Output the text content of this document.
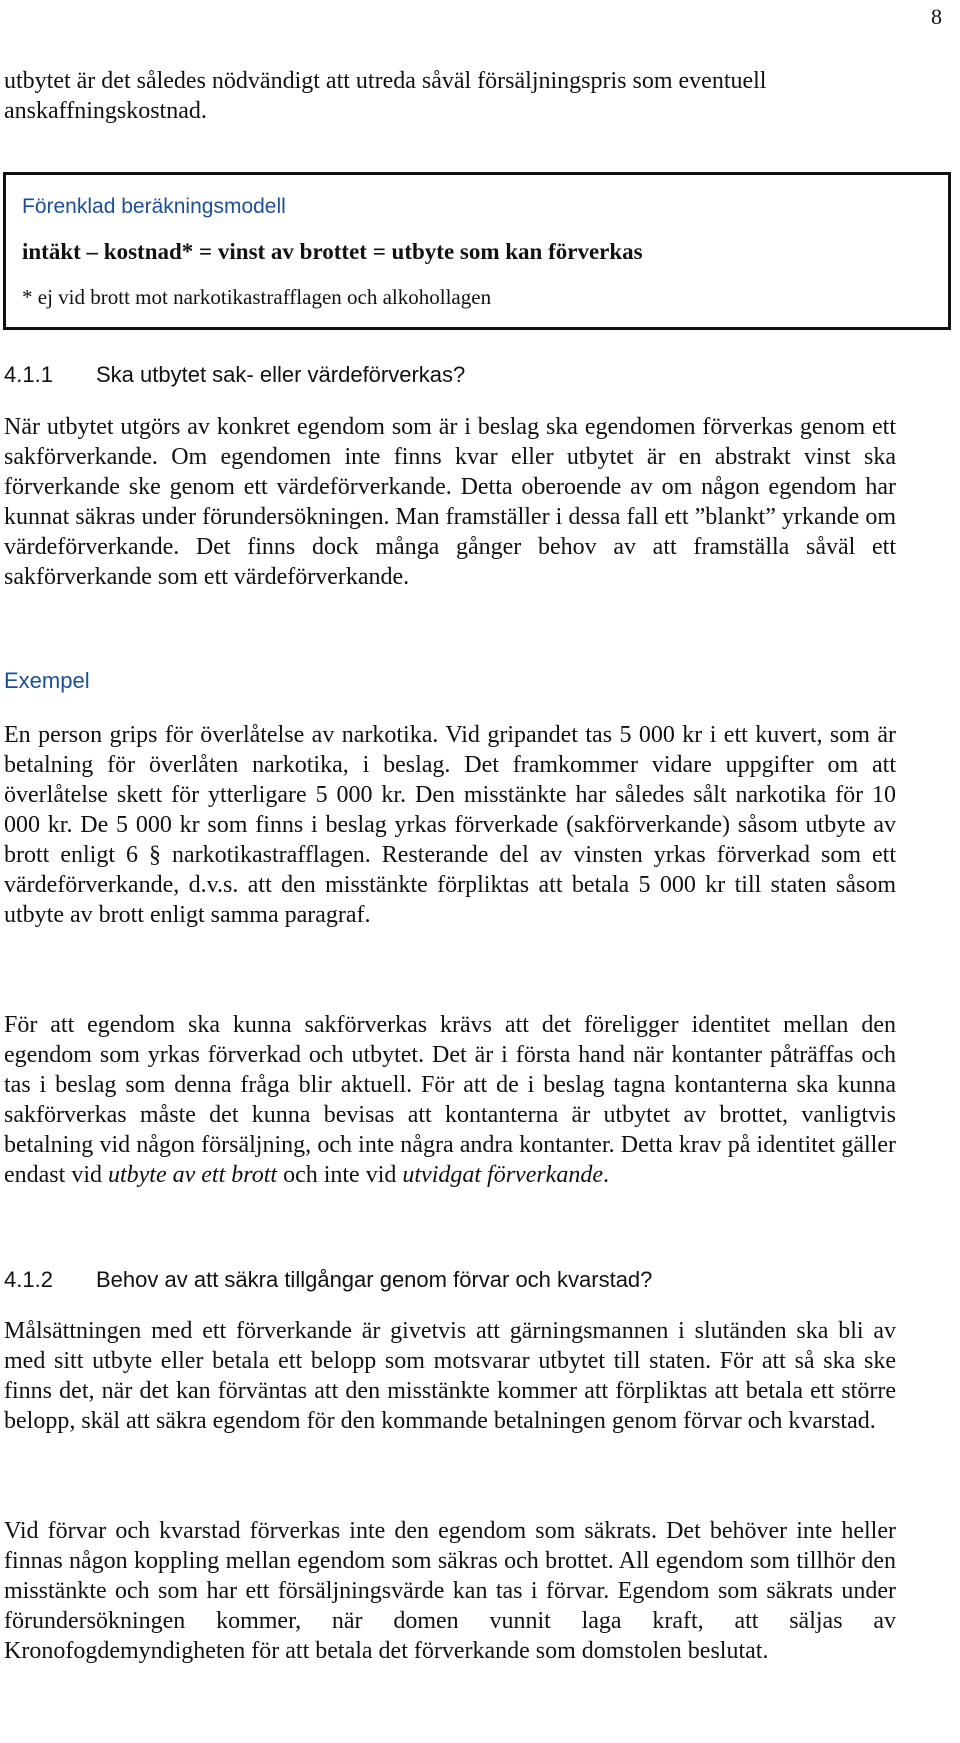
8

utbytet är det således nödvändigt att utreda såväl försäljningspris som eventuell anskaffningskostnad.

Förenklad beräkningsmodell
intäkt – kostnad* = vinst av brottet = utbyte som kan förverkas
* ej vid brott mot narkotikastrafflagen och alkohollagen
4.1.1 Ska utbytet sak- eller värdeförverkas?

När utbytet utgörs av konkret egendom som är i beslag ska egendomen förverkas genom ett sakförverkande. Om egendomen inte finns kvar eller utbytet är en abstrakt vinst ska förverkande ske genom ett värdeförverkande. Detta oberoende av om någon egendom har kunnat säkras under förundersökningen. Man framställer i dessa fall ett ”blankt” yrkande om värdeförverkande. Det finns dock många gånger behov av att framställa såväl ett sakförverkande som ett värdeförverkande.

Exempel

En person grips för överlåtelse av narkotika. Vid gripandet tas 5 000 kr i ett kuvert, som är betalning för överlåten narkotika, i beslag. Det framkommer vidare uppgifter om att överlåtelse skett för ytterligare 5 000 kr. Den misstänkte har således sålt narkotika för 10 000 kr. De 5 000 kr som finns i beslag yrkas förverkade (sakförverkande) såsom utbyte av brott enligt 6 § narkotikastrafflagen. Resterande del av vinsten yrkas förverkad som ett värdeförverkande, d.v.s. att den misstänkte förpliktas att betala 5 000 kr till staten såsom utbyte av brott enligt samma paragraf.

För att egendom ska kunna sakförverkas krävs att det föreligger identitet mellan den egendom som yrkas förverkad och utbytet. Det är i första hand när kontanter påträffas och tas i beslag som denna fråga blir aktuell. För att de i beslag tagna kontanterna ska kunna sakförverkas måste det kunna bevisas att kontanterna är utbytet av brottet, vanligtvis betalning vid någon försäljning, och inte några andra kontanter. Detta krav på identitet gäller endast vid utbyte av ett brott och inte vid utvidgat förverkande.

4.1.2 Behov av att säkra tillgångar genom förvar och kvarstad?

Målsättningen med ett förverkande är givetvis att gärningsmannen i slutänden ska bli av med sitt utbyte eller betala ett belopp som motsvarar utbytet till staten. För att så ska ske finns det, när det kan förväntas att den misstänkte kommer att förpliktas att betala ett större belopp, skäl att säkra egendom för den kommande betalningen genom förvar och kvarstad.

Vid förvar och kvarstad förverkas inte den egendom som säkrats. Det behöver inte heller finnas någon koppling mellan egendom som säkras och brottet. All egendom som tillhör den misstänkte och som har ett försäljningsvärde kan tas i förvar. Egendom som säkrats under förundersökningen kommer, när domen vunnit laga kraft, att säljas av Kronofogdemyndigheten för att betala det förverkande som domstolen beslutat.
